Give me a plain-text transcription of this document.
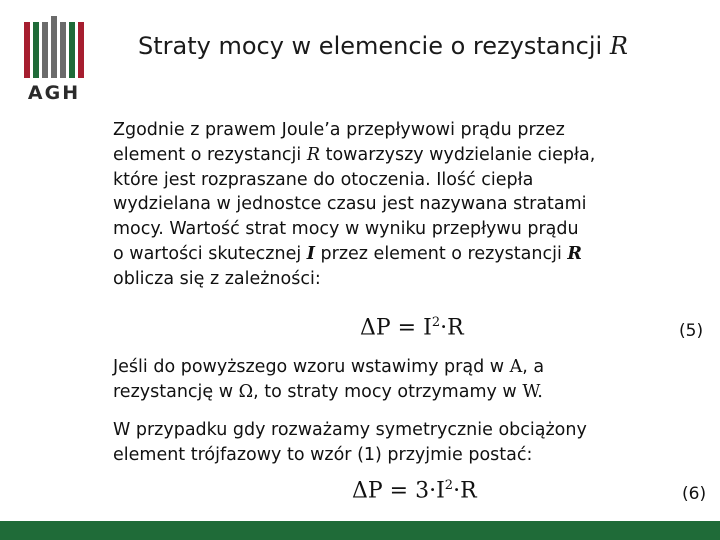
AGH
Straty mocy w elemencie o rezystancji R
Zgodnie z prawem Joule’a przepływowi prądu przez
element o rezystancji R towarzyszy wydzielanie ciepła,
które jest rozpraszane do otoczenia. Ilość ciepła
wydzielana w jednostce czasu jest nazywana stratami
mocy. Wartość strat mocy w wyniku przepływu prądu
o wartości skutecznej I przez element o rezystancji R
oblicza się z zależności:
$\Delta P = I^2\cdot R$	(5)
Jeśli do powyższego wzoru wstawimy prąd w A, a
rezystancję w Ω, to straty mocy otrzymamy w W.
W przypadku gdy rozważamy symetrycznie obciążony
element trójfazowy to wzór (1) przyjmie postać:
$\Delta P = 3\cdot I^2\cdot R$	(6)
